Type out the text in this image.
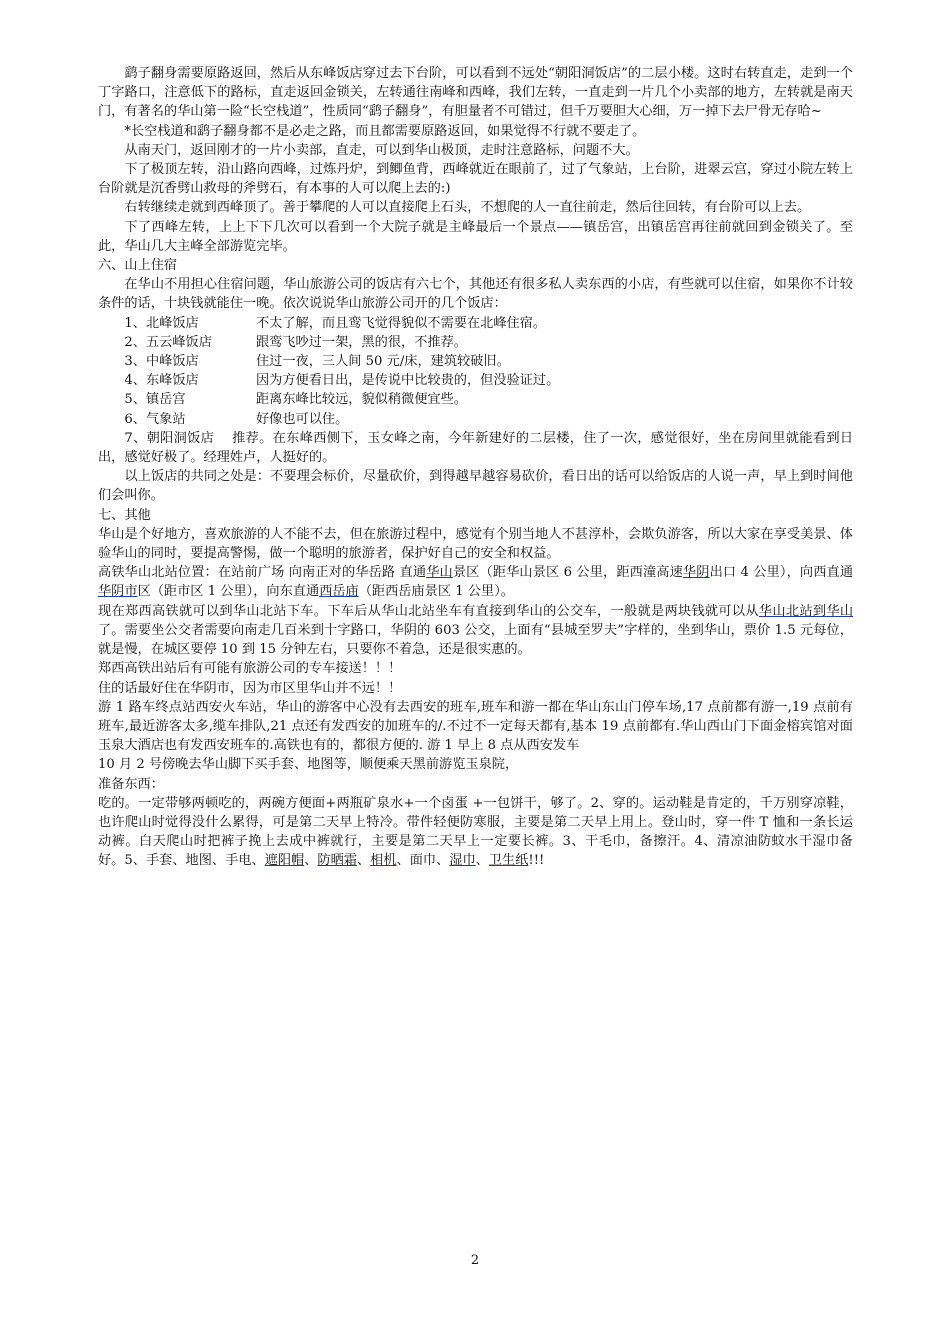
鹞子翻身需要原路返回，然后从东峰饭店穿过去下台阶，可以看到不远处“朝阳洞饭店”的二层小楼。这时右转直走，走到一个丁字路口，注意低下的路标，直走返回金锁关，左转通往南峰和西峰，我们左转，一直走到一片几个小卖部的地方，左转就是南天门，有著名的华山第一险“长空栈道”，性质同“鹞子翻身”，有胆量者不可错过，但千万要胆大心细，万一掉下去尸骨无存哈~

*长空栈道和鹞子翻身都不是必走之路，而且都需要原路返回，如果觉得不行就不要走了。

从南天门，返回刚才的一片小卖部，直走，可以到华山极顶，走时注意路标，问题不大。

下了极顶左转，沿山路向西峰，过炼丹炉，到鲫鱼背，西峰就近在眼前了，过了气象站，上台阶，进翠云宫，穿过小院左转上台阶就是沉香劈山救母的斧劈石，有本事的人可以爬上去的:)

右转继续走就到西峰顶了。善于攀爬的人可以直接爬上石头，不想爬的人一直往前走，然后往回转，有台阶可以上去。

下了西峰左转，上上下下几次可以看到一个大院子就是主峰最后一个景点——镇岳宫，出镇岳宫再往前就回到金锁关了。至此，华山几大主峰全部游览完毕。

六、山上住宿

在华山不用担心住宿问题，华山旅游公司的饭店有六七个，其他还有很多私人卖东西的小店，有些就可以住宿，如果你不计较条件的话，十块钱就能住一晚。依次说说华山旅游公司开的几个饭店：

1、 北峰饭店	不太了解，而且鸾飞觉得貌似不需要在北峰住宿。
2、 五云峰饭店	跟鸾飞吵过一架，黑的很，不推荐。
3、 中峰饭店	住过一夜，三人间 50 元/床，建筑较破旧。
4、 东峰饭店	因为方便看日出，是传说中比较贵的，但没验证过。
5、 镇岳宫	距离东峰比较远，貌似稍微便宜些。
6、 气象站	好像也可以住。

7、朝阳洞饭店 推荐。在东峰西侧下，玉女峰之南，今年新建好的二层楼，住了一次，感觉很好，坐在房间里就能看到日出，感觉好极了。经理姓卢，人挺好的。

以上饭店的共同之处是：不要理会标价，尽量砍价，到得越早越容易砍价，看日出的话可以给饭店的人说一声，早上到时间他们会叫你。

七、其他

华山是个好地方，喜欢旅游的人不能不去，但在旅游过程中，感觉有个别当地人不甚淳朴，会欺负游客，所以大家在享受美景、体验华山的同时，要提高警惕，做一个聪明的旅游者，保护好自己的安全和权益。

高铁华山北站位置：在站前广场 向南正对的华岳路 直通华山景区（距华山景区 6 公里，距西潼高速华阴出口 4 公里），向西直通华阴市区（距市区 1 公里），向东直通西岳庙（距西岳庙景区 1 公里）。

现在郑西高铁就可以到华山北站下车。下车后从华山北站坐车有直接到华山的公交车，一般就是两块钱就可以从华山北站到华山了。需要坐公交者需要向南走几百米到十字路口，华阴的 603 公交，上面有“县城至罗夫”字样的，坐到华山，票价 1.5 元每位，就是慢，在城区要停 10 到 15 分钟左右，只要你不着急，还是很实惠的。

郑西高铁出站后有可能有旅游公司的专车接送！！！

住的话最好住在华阴市，因为市区里华山并不远！！

游 1 路车终点站西安火车站，华山的游客中心没有去西安的班车,班车和游一都在华山东山门停车场,17 点前都有游一,19 点前有班车,最近游客太多,缆车排队,21 点还有发西安的加班车的/.不过不一定每天都有,基本 19 点前都有.华山西山门下面金榕宾馆对面玉泉大酒店也有发西安班车的.高铁也有的，都很方便的. 游 1 早上 8 点从西安发车

10 月 2 号傍晚去华山脚下买手套、地图等，顺便乘天黑前游览玉泉院，

准备东西：

吃的。一定带够两顿吃的，两碗方便面+两瓶矿泉水+一个卤蛋 +一包饼干，够了。2、穿的。运动鞋是肯定的，千万别穿凉鞋，也许爬山时觉得没什么累得，可是第二天早上特冷。带件轻便防寒服，主要是第二天早上用上。登山时，穿一件 T 恤和一条长运动裤。白天爬山时把裤子挽上去成中裤就行，主要是第二天早上一定要长裤。3、干毛巾，备擦汗。4、清凉油防蚊水干湿巾备好。5、手套、地图、手电、遮阳帽、防晒霜、相机、面巾、湿巾、卫生纸!!!

2
